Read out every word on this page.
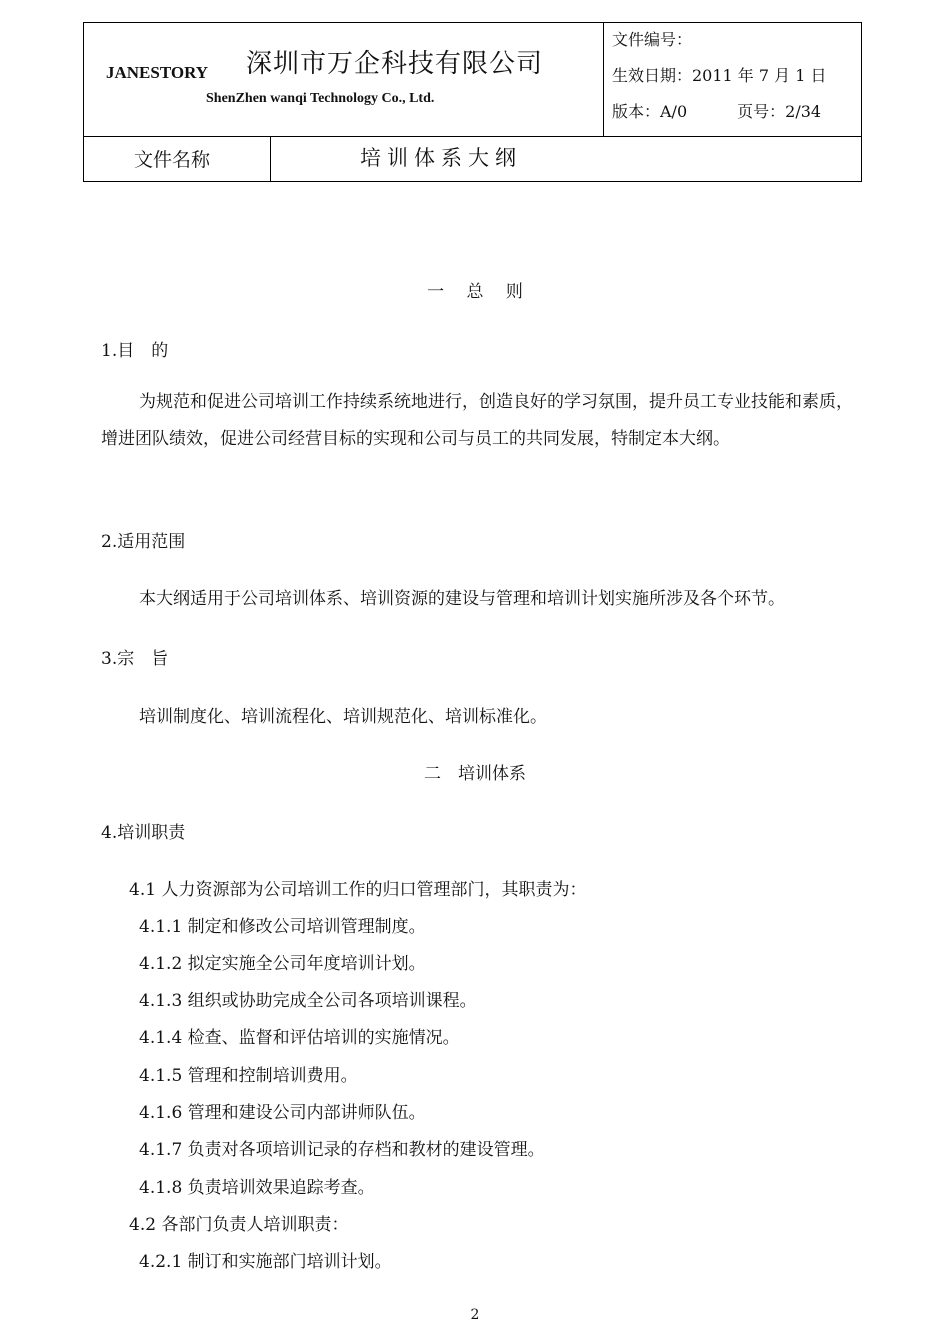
JANESTORY 深圳市万企科技有限公司
ShenZhen wanqi Technology Co., Ltd.
文件编号：
生效日期：2011 年 7 月 1 日
版本：A/0	页号：2/34
文件名称	培训体系大纲
一　 总　 则
1.目　的
为规范和促进公司培训工作持续系统地进行，创造良好的学习氛围，提升员工专业技能和素质，增进团队绩效，促进公司经营目标的实现和公司与员工的共同发展，特制定本大纲。
2.适用范围
本大纲适用于公司培训体系、培训资源的建设与管理和培训计划实施所涉及各个环节。
3.宗　旨
培训制度化、培训流程化、培训规范化、培训标准化。
二　培训体系
4.培训职责
4.1 人力资源部为公司培训工作的归口管理部门，其职责为：
4.1.1 制定和修改公司培训管理制度。
4.1.2 拟定实施全公司年度培训计划。
4.1.3 组织或协助完成全公司各项培训课程。
4.1.4 检查、监督和评估培训的实施情况。
4.1.5 管理和控制培训费用。
4.1.6 管理和建设公司内部讲师队伍。
4.1.7 负责对各项培训记录的存档和教材的建设管理。
4.1.8 负责培训效果追踪考查。
4.2 各部门负责人培训职责：
4.2.1 制订和实施部门培训计划。
2
